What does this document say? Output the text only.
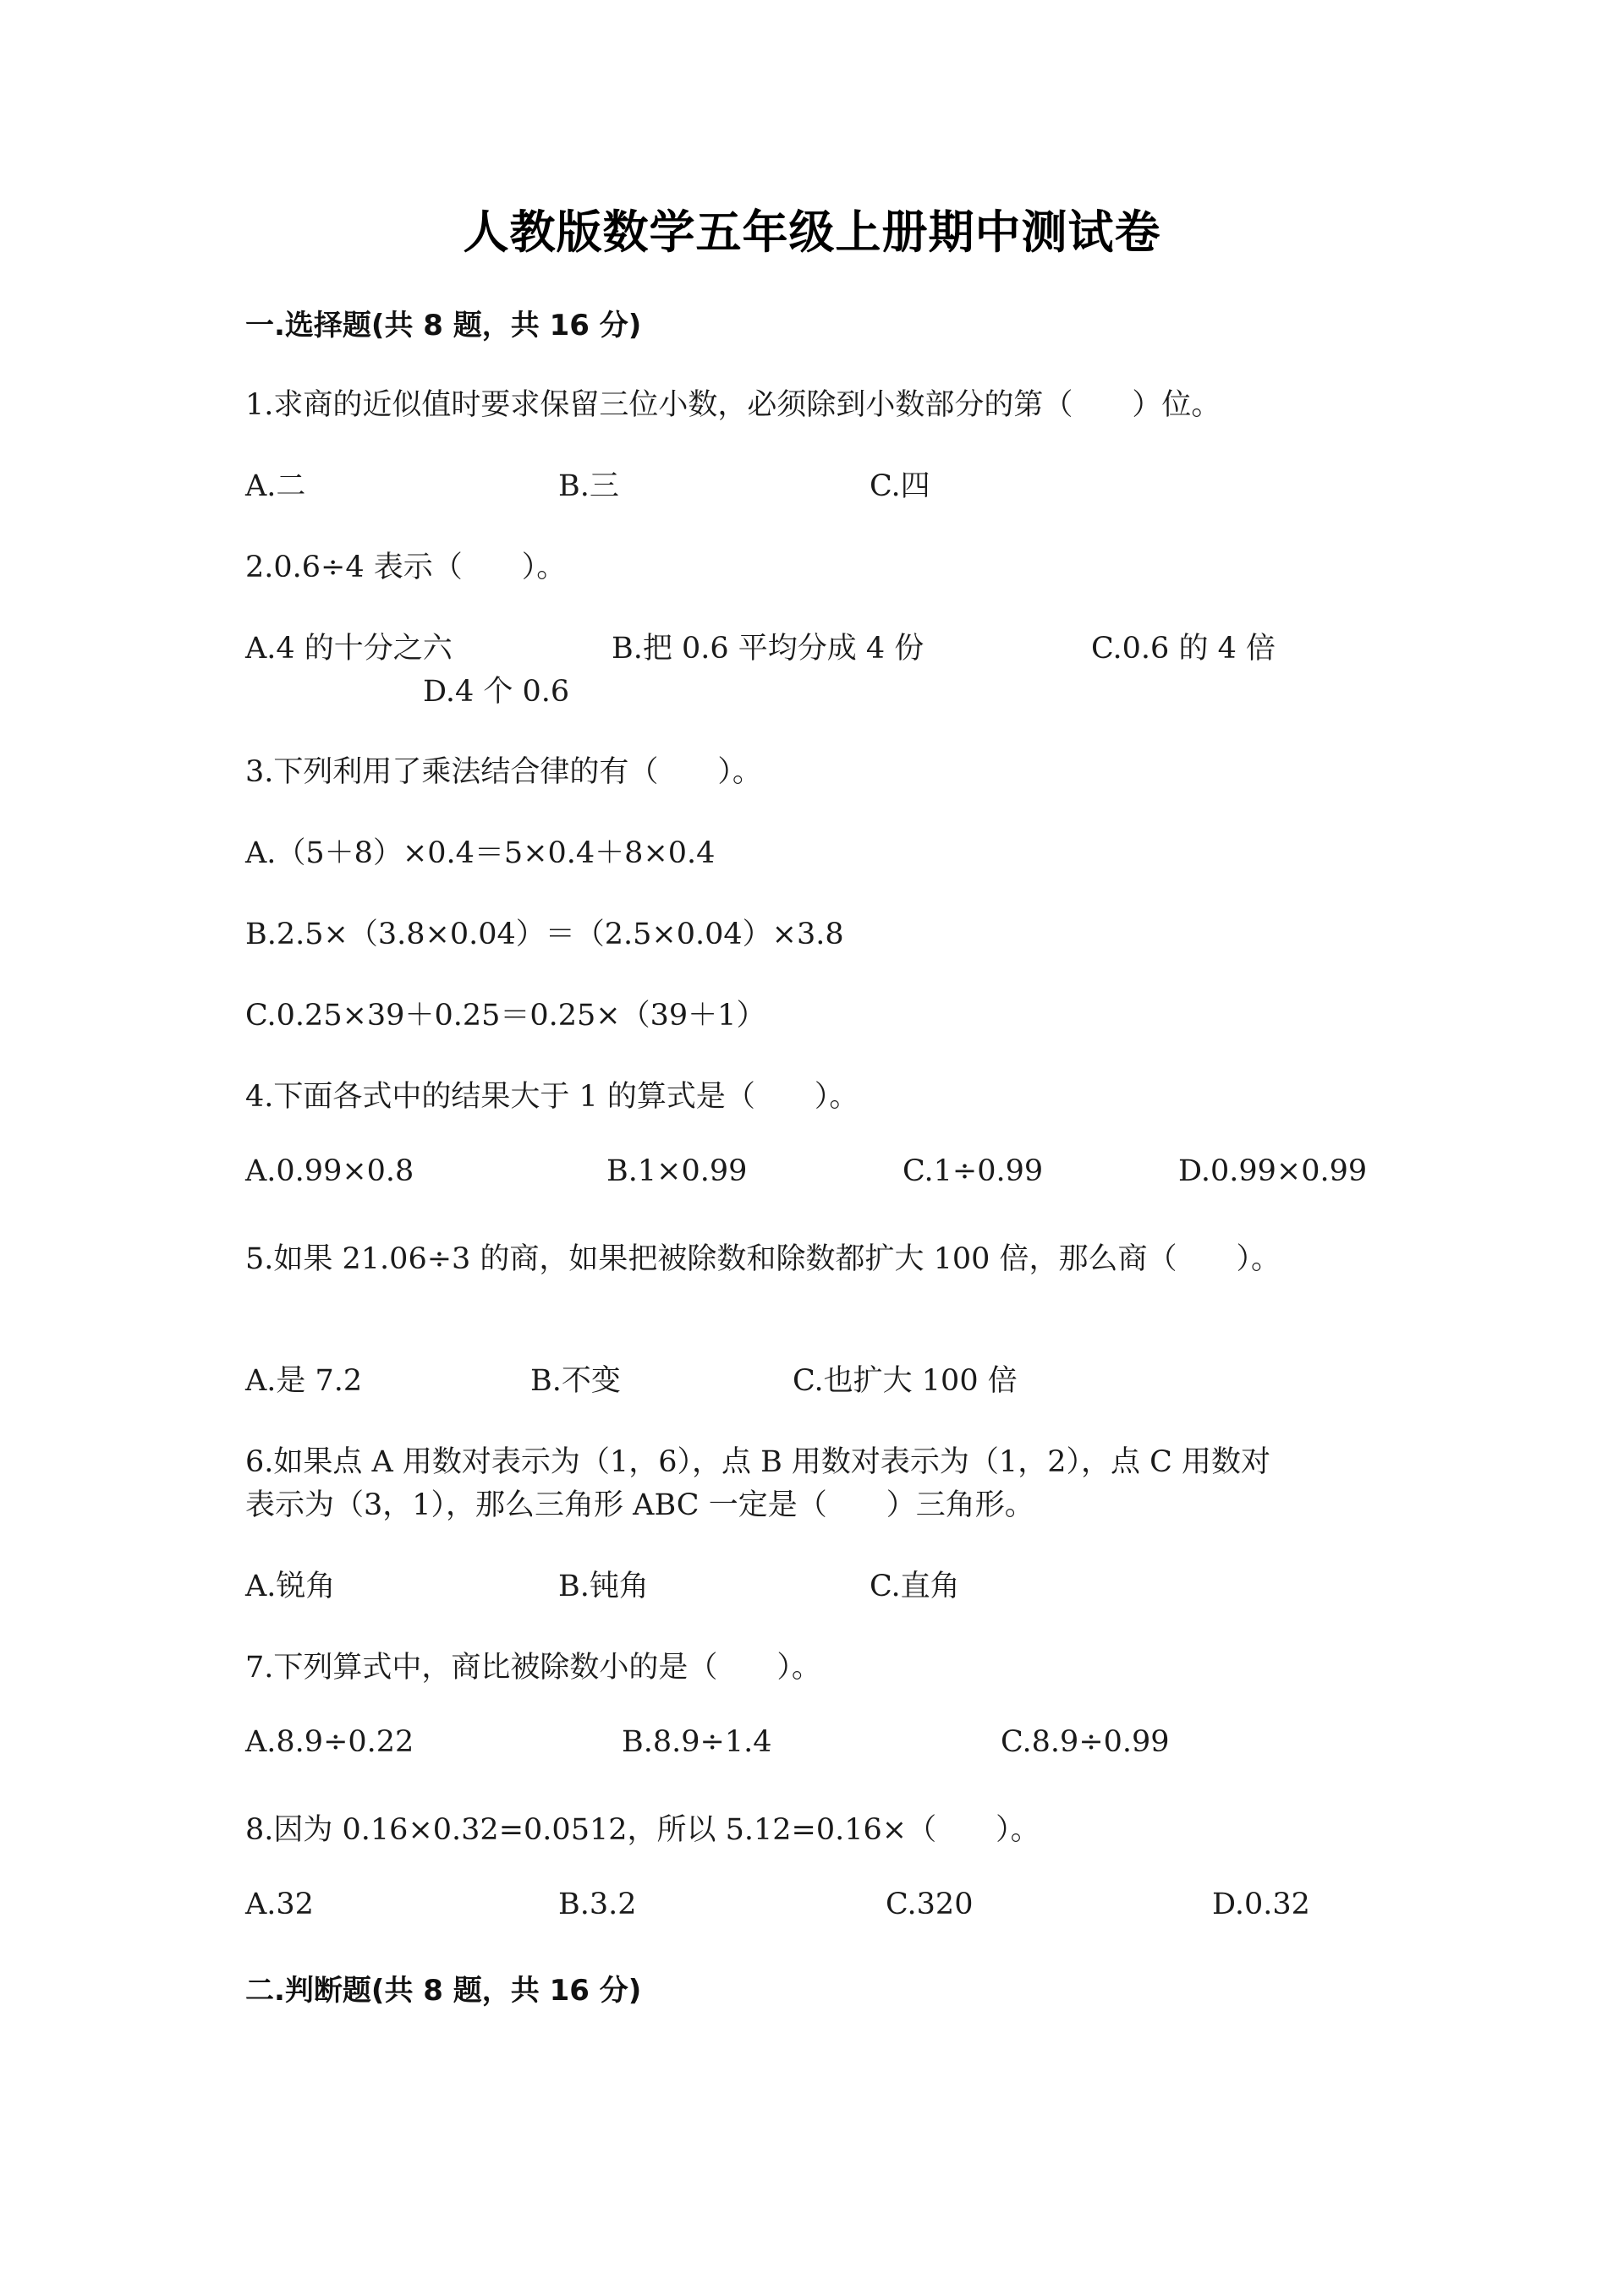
人教版数学五年级上册期中测试卷
一.选择题(共 8 题，共 16 分)
1.求商的近似值时要求保留三位小数，必须除到小数部分的第（　　）位。
A.二	B.三	C.四
2.0.6÷4 表示（　　）。
A.4 的十分之六	B.把 0.6 平均分成 4 份	C.0.6 的 4 倍
D.4 个 0.6
3.下列利用了乘法结合律的有（　　）。
A.（5＋8）×0.4＝5×0.4＋8×0.4
B.2.5×（3.8×0.04）＝（2.5×0.04）×3.8
C.0.25×39＋0.25＝0.25×（39＋1）
4.下面各式中的结果大于 1 的算式是（　　）。
A.0.99×0.8	B.1×0.99	C.1÷0.99	D.0.99×0.99
5.如果 21.06÷3 的商，如果把被除数和除数都扩大 100 倍，那么商（　　）。
A.是 7.2	B.不变	C.也扩大 100 倍
6.如果点 A 用数对表示为（1，6），点 B 用数对表示为（1，2），点 C 用数对
表示为（3，1），那么三角形 ABC 一定是（　　）三角形。
A.锐角	B.钝角	C.直角
7.下列算式中，商比被除数小的是（　　）。
A.8.9÷0.22	B.8.9÷1.4	C.8.9÷0.99
8.因为 0.16×0.32=0.0512，所以 5.12=0.16×（　　）。
A.32	B.3.2	C.320	D.0.32
二.判断题(共 8 题，共 16 分)
